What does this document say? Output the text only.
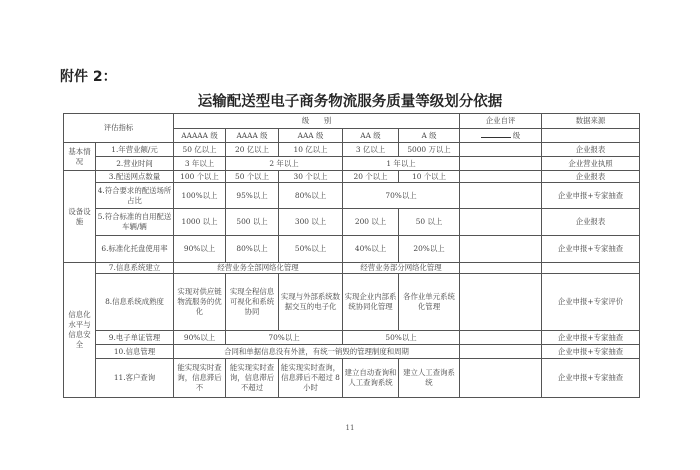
附件 2：
运输配送型电子商务物流服务质量等级划分依据
评估指标		级　　别					企业自评	数据来源
		AAAAA 级	AAAA 级	AAA 级	AA 级	A 级	级	
基本情况	1.年营业额/元	50 亿以上	20 亿以上	10 亿以上	3 亿以上	5000 万以上		企业报表
	2.营业时间	3 年以上	2 年以上		1 年以上			企业营业执照
设备设施	3.配送网点数量	100 个以上	50 个以上	30 个以上	20 个以上	10 个以上		企业报表
	4.符合要求的配送场所占比	100%以上	95%以上	80%以上	70%以上			企业申报+专家抽查
	5.符合标准的自用配送车辆/辆	1000 以上	500 以上	300 以上	200 以上	50 以上		企业报表
	6.标准化托盘使用率	90%以上	80%以上	50%以上	40%以上	20%以上		企业申报+专家抽查
信息化水平与信息安全	7.信息系统建立	经营业务全部网络化管理			经营业务部分网络化管理			
	8.信息系统成熟度	实现对供应链物流服务的优化	实现全程信息可视化和系统协同	实现与外部系统数据交互的电子化	实现企业内部系统协同化管理	各作业单元系统化管理		企业申报+专家评价
	9.电子单证管理	90%以上	70%以上		50%以上			企业申报+专家抽查
	10.信息管理	合同和单据信息没有外泄，有统一销毁的管理制度和周期						企业申报+专家抽查
	11.客户查询	能实现实时查询，信息滞后不	能实现实时查询，信息滞后不超过	能实现实时查询，信息滞后不超过 8 小时	建立自动查询和人工查询系统	建立人工查询系统		企业申报+专家抽查
11
